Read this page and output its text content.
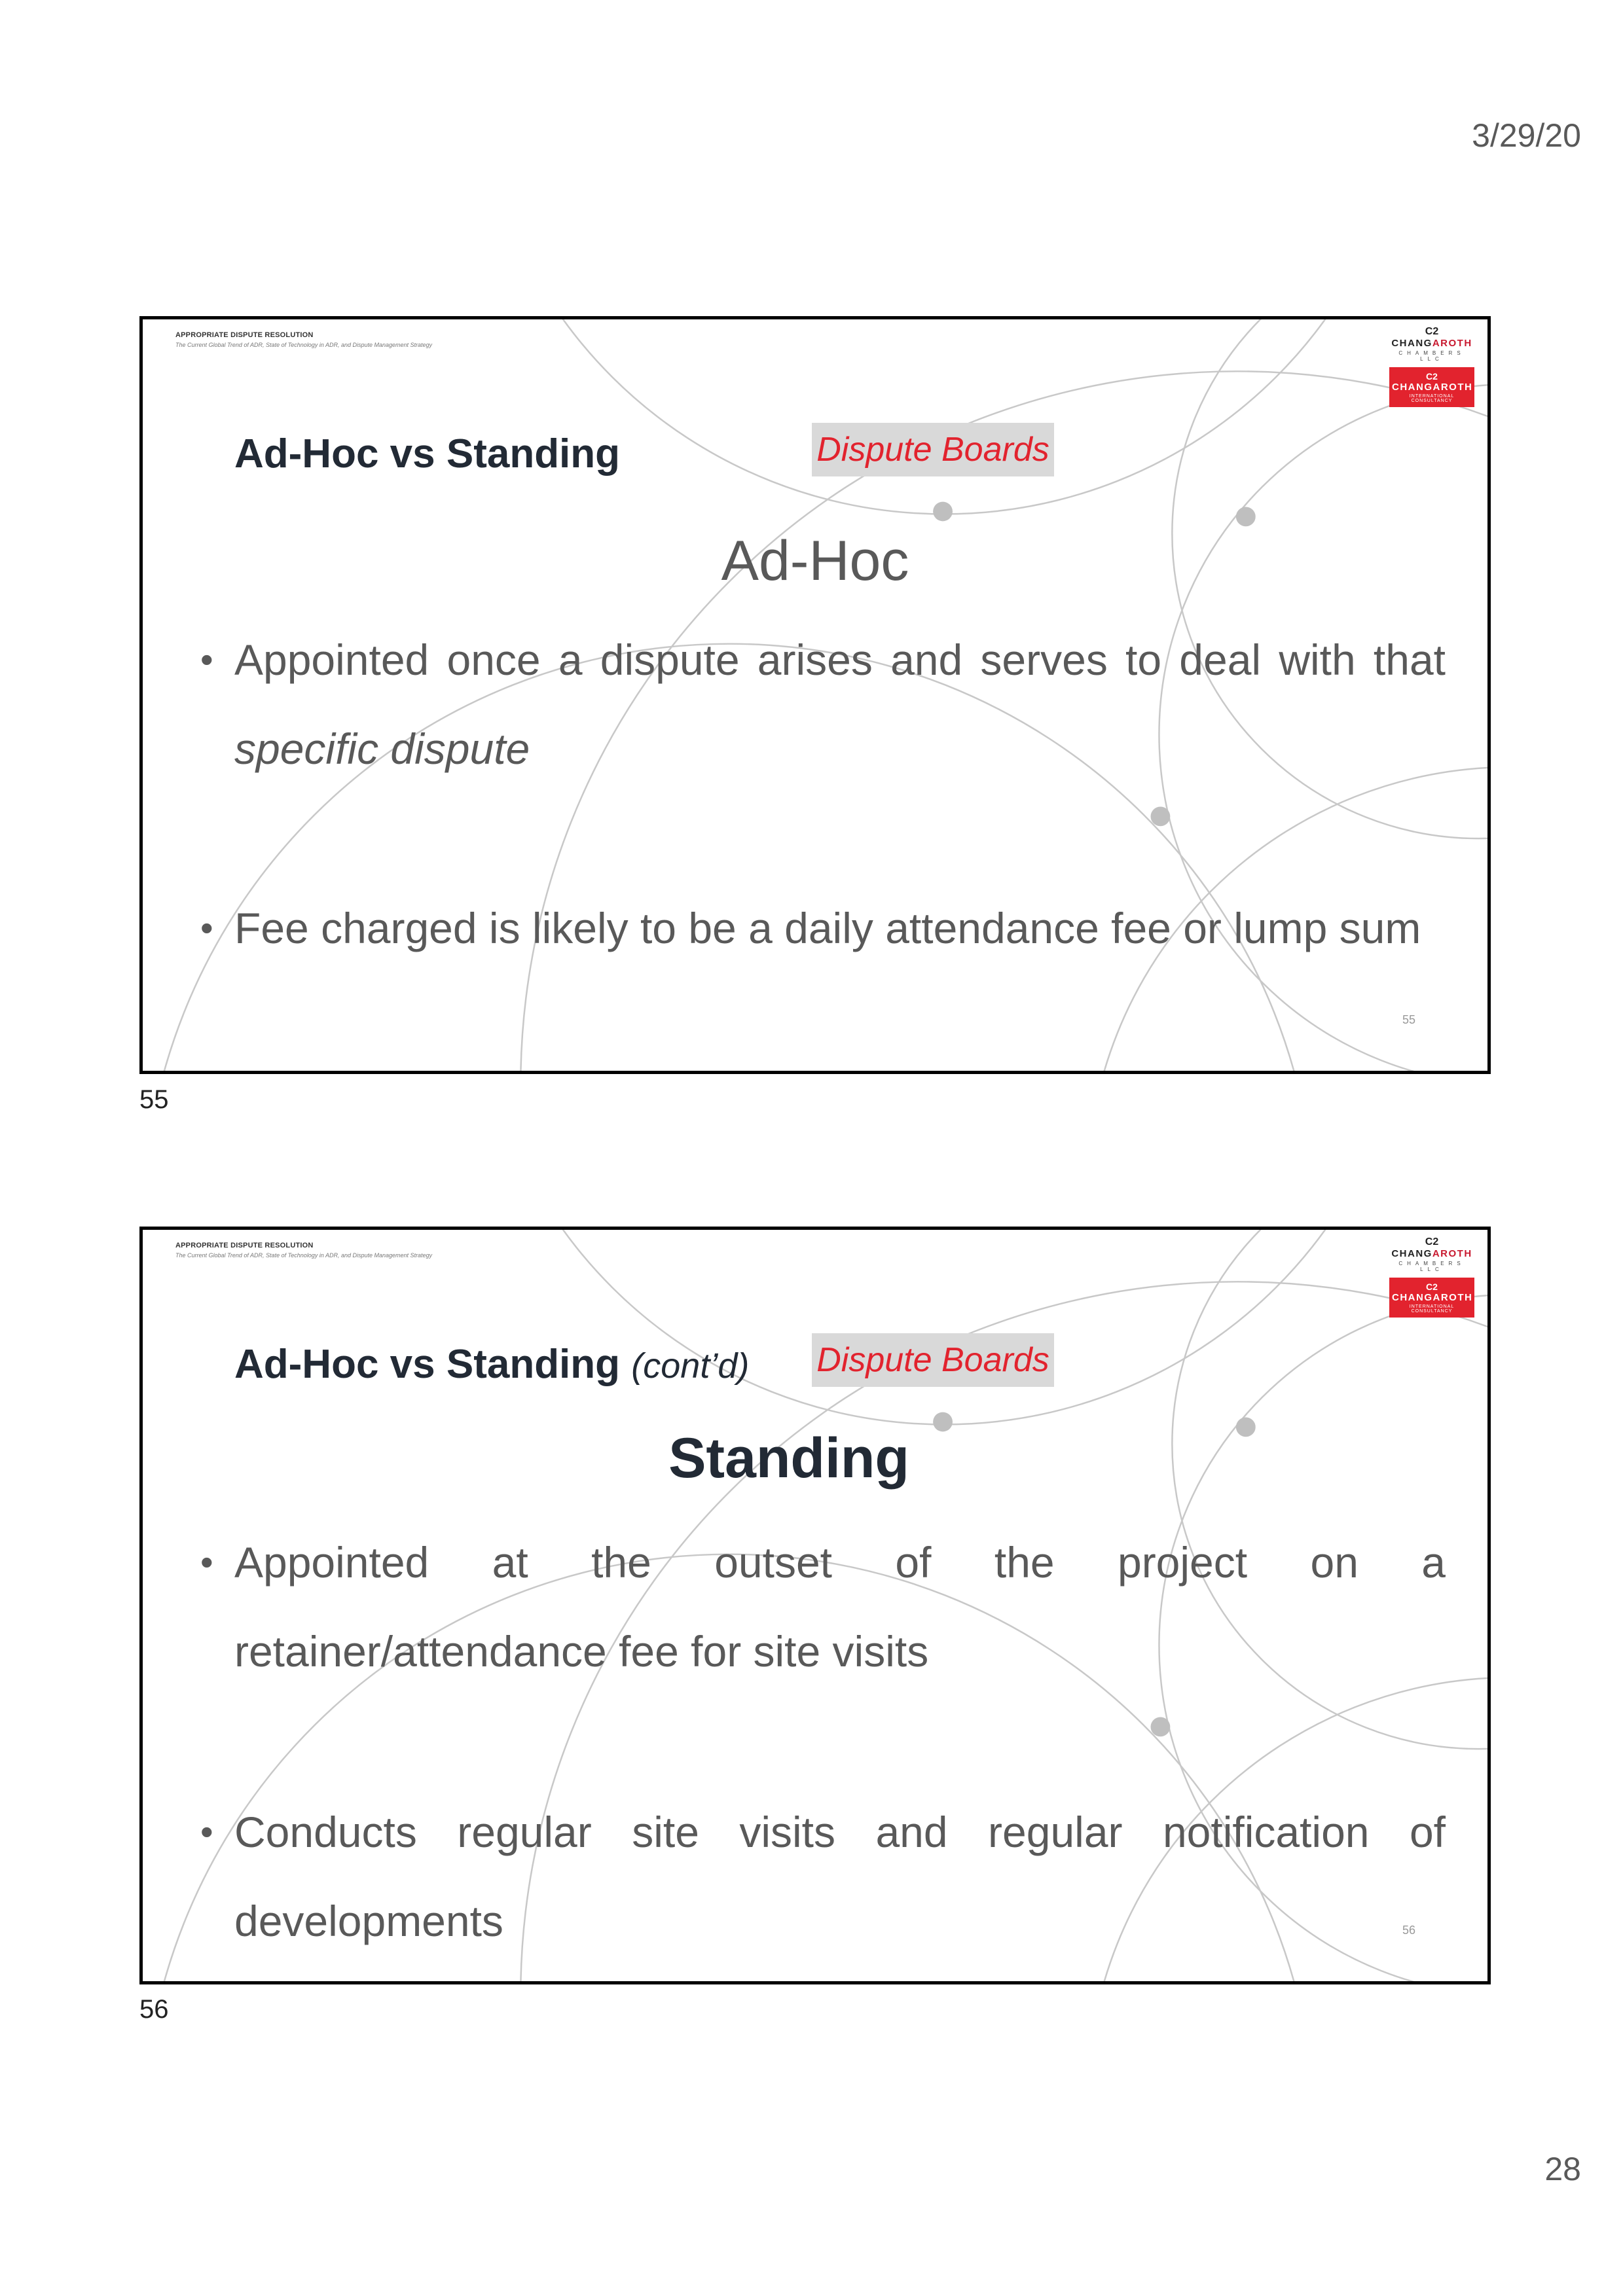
3/29/20
APPROPRIATE DISPUTE RESOLUTION
The Current Global Trend of ADR, State of Technology in ADR, and Dispute Management Strategy
C2
CHANGAROTH
CHAMBERS LLC
C2
CHANGAROTH
INTERNATIONAL CONSULTANCY
Ad-Hoc vs Standing	Dispute Boards
Ad-Hoc
• Appointed once a dispute arises and serves to deal with that specific dispute
• Fee charged is likely to be a daily attendance fee or lump sum
55
55
APPROPRIATE DISPUTE RESOLUTION
The Current Global Trend of ADR, State of Technology in ADR, and Dispute Management Strategy
C2
CHANGAROTH
CHAMBERS LLC
C2
CHANGAROTH
INTERNATIONAL CONSULTANCY
Ad-Hoc vs Standing (cont’d) Dispute Boards
Standing
• Appointed at the outset of the project on a
retainer/attendance fee for site visits
• Conducts regular site visits and regular notification of
developments	56
56
28
